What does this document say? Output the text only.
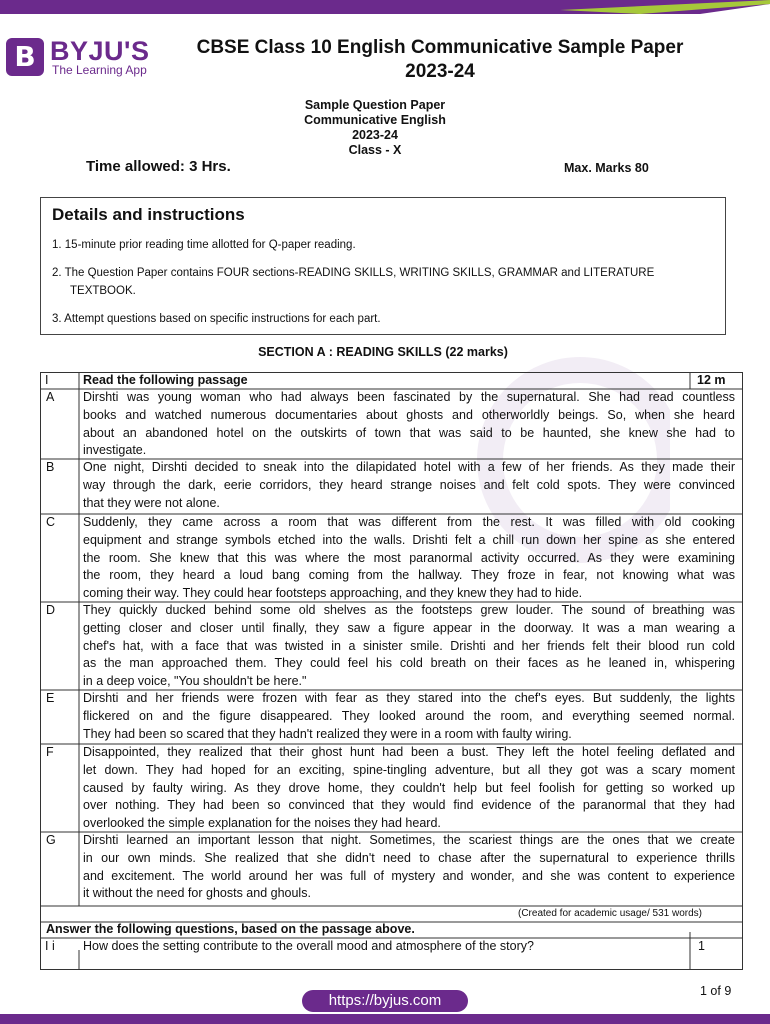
B BYJU'S
The Learning App
CBSE Class 10 English Communicative Sample Paper
2023-24
Sample Question Paper
Communicative English
2023-24
Class - X
Time allowed: 3 Hrs.	Max. Marks 80
Details and instructions
1. 15-minute prior reading time allotted for Q-paper reading.
2. The Question Paper contains FOUR sections-READING SKILLS, WRITING SKILLS, GRAMMAR and LITERATURE
TEXTBOOK.
3. Attempt questions based on specific instructions for each part.
SECTION A : READING SKILLS (22 marks)
I	Read the following passage	12 m
A Dirshti was young woman who had always been fascinated by the supernatural. She had read countless
books and watched numerous documentaries about ghosts and otherworldly beings. So, when she heard
about an abandoned hotel on the outskirts of town that was said to be haunted, she knew she had to
investigate.
B One night, Dirshti decided to sneak into the dilapidated hotel with a few of her friends. As they made their
way through the dark, eerie corridors, they heard strange noises and felt cold spots. They were convinced
that they were not alone.
C Suddenly, they came across a room that was different from the rest. It was filled with old cooking
equipment and strange symbols etched into the walls. Drishti felt a chill run down her spine as she entered
the room. She knew that this was where the most paranormal activity occurred. As they were examining
the room, they heard a loud bang coming from the hallway. They froze in fear, not knowing what was
coming their way. They could hear footsteps approaching, and they knew they had to hide.
D They quickly ducked behind some old shelves as the footsteps grew louder. The sound of breathing was
getting closer and closer until finally, they saw a figure appear in the doorway. It was a man wearing a
chef's hat, with a face that was twisted in a sinister smile. Drishti and her friends felt their blood run cold
as the man approached them. They could feel his cold breath on their faces as he leaned in, whispering
in a deep voice, "You shouldn't be here."
E Dirshti and her friends were frozen with fear as they stared into the chef's eyes. But suddenly, the lights
flickered on and the figure disappeared. They looked around the room, and everything seemed normal.
They had been so scared that they hadn't realized they were in a room with faulty wiring.
F Disappointed, they realized that their ghost hunt had been a bust. They left the hotel feeling deflated and
let down. They had hoped for an exciting, spine-tingling adventure, but all they got was a scary moment
caused by faulty wiring. As they drove home, they couldn't help but feel foolish for getting so worked up
over nothing. They had been so convinced that they would find evidence of the paranormal that they had
overlooked the simple explanation for the noises they had heard.
G Dirshti learned an important lesson that night. Sometimes, the scariest things are the ones that we create
in our own minds. She realized that she didn't need to chase after the supernatural to experience thrills
and excitement. The world around her was full of mystery and wonder, and she was content to experience
it without the need for ghosts and ghouls.
(Created for academic usage/ 531 words)
Answer the following questions, based on the passage above.
I i How does the setting contribute to the overall mood and atmosphere of the story?	1
1 of 9
https://byjus.com
